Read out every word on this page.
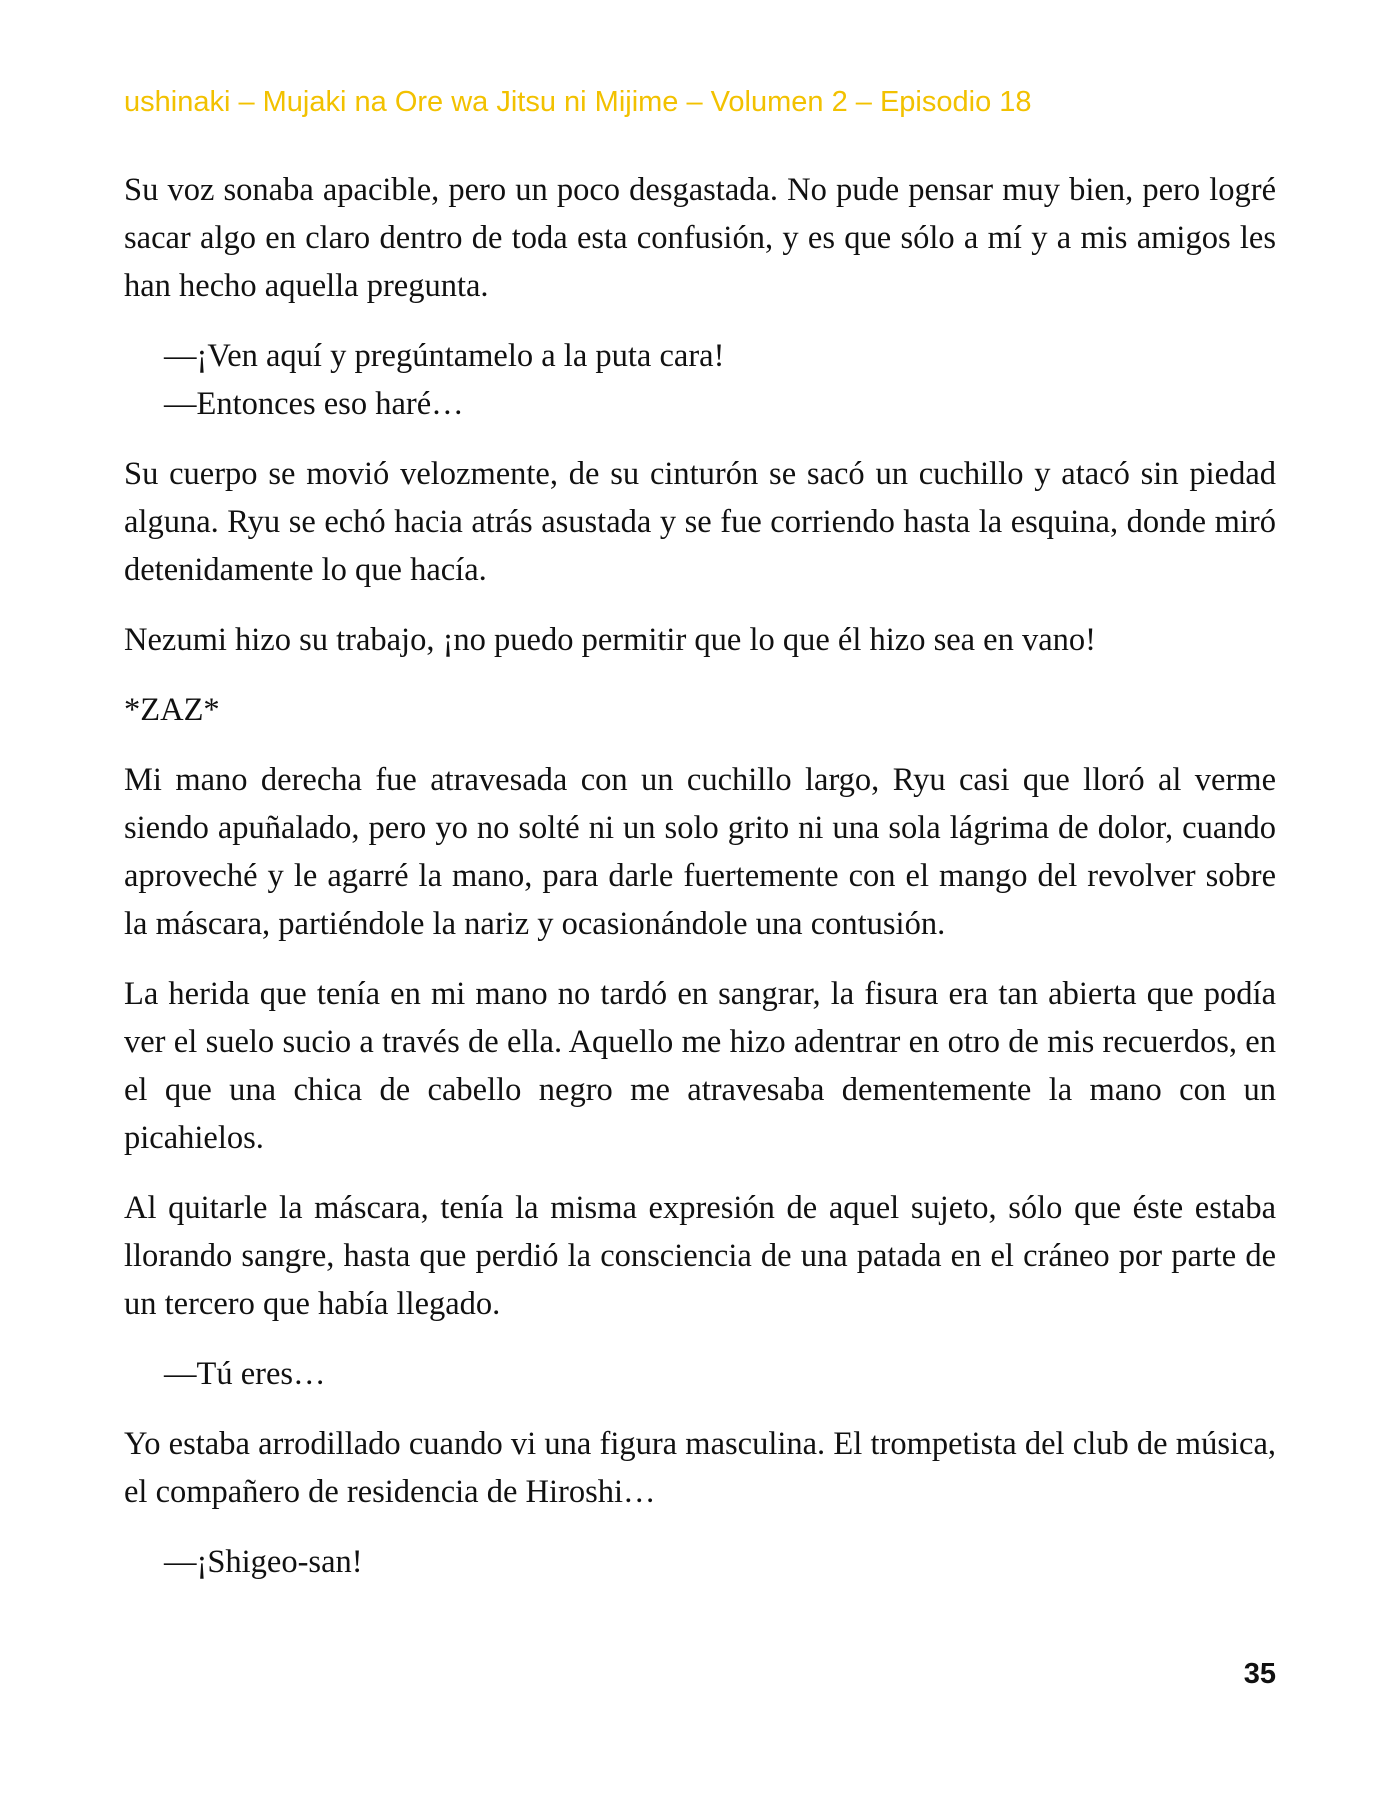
ushinaki – Mujaki na Ore wa Jitsu ni Mijime – Volumen 2 – Episodio 18

Su voz sonaba apacible, pero un poco desgastada. No pude pensar muy bien, pero logré sacar algo en claro dentro de toda esta confusión, y es que sólo a mí y a mis amigos les han hecho aquella pregunta.

—¡Ven aquí y pregúntamelo a la puta cara!

—Entonces eso haré…

Su cuerpo se movió velozmente, de su cinturón se sacó un cuchillo y atacó sin piedad alguna. Ryu se echó hacia atrás asustada y se fue corriendo hasta la esquina, donde miró detenidamente lo que hacía.

Nezumi hizo su trabajo, ¡no puedo permitir que lo que él hizo sea en vano!

*ZAZ*

Mi mano derecha fue atravesada con un cuchillo largo, Ryu casi que lloró al verme siendo apuñalado, pero yo no solté ni un solo grito ni una sola lágrima de dolor, cuando aproveché y le agarré la mano, para darle fuertemente con el mango del revolver sobre la máscara, partiéndole la nariz y ocasionándole una contusión.

La herida que tenía en mi mano no tardó en sangrar, la fisura era tan abierta que podía ver el suelo sucio a través de ella. Aquello me hizo adentrar en otro de mis recuerdos, en el que una chica de cabello negro me atravesaba dementemente la mano con un picahielos.

Al quitarle la máscara, tenía la misma expresión de aquel sujeto, sólo que éste estaba llorando sangre, hasta que perdió la consciencia de una patada en el cráneo por parte de un tercero que había llegado.

—Tú eres…

Yo estaba arrodillado cuando vi una figura masculina. El trompetista del club de música, el compañero de residencia de Hiroshi…

—¡Shigeo-san!

35
